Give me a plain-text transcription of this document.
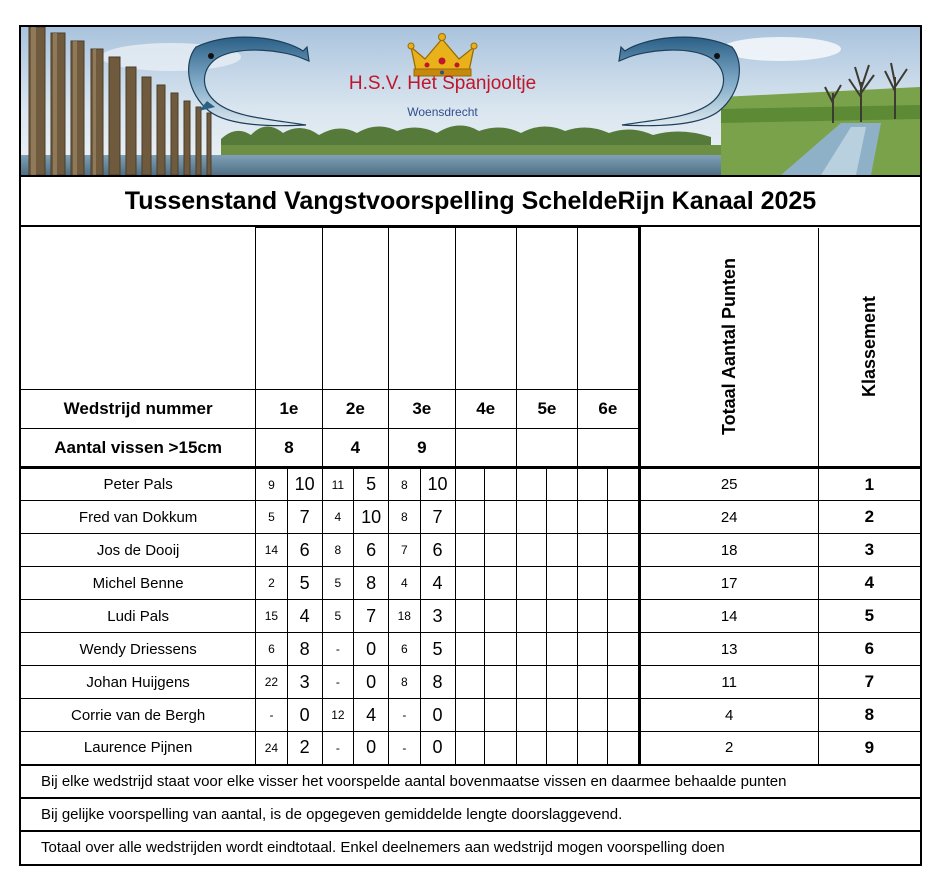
H.S.V. Het Spanjooltje
Woensdrecht
Tussenstand Vangstvoorspelling ScheldeRijn Kanaal 2025
													Totaal Aantal Punten	Klassement
Wedstrijd nummer	1e		2e		3e		4e		5e		6e			
Aantal vissen >15cm	8		4		9									
Peter Pals	9	10	11	5	8	10							25	1
Fred van Dokkum	5	7	4	10	8	7							24	2
Jos de Dooij	14	6	8	6	7	6							18	3
Michel Benne	2	5	5	8	4	4							17	4
Ludi Pals	15	4	5	7	18	3							14	5
Wendy Driessens	6	8	-	0	6	5							13	6
Johan Huijgens	22	3	-	0	8	8							11	7
Corrie van de Bergh	-	0	12	4	-	0							4	8
Laurence Pijnen	24	2	-	0	-	0							2	9
Bij elke wedstrijd staat voor elke visser het voorspelde aantal bovenmaatse vissen en daarmee behaalde punten														
Bij gelijke voorspelling van aantal, is de opgegeven gemiddelde lengte doorslaggevend.														
Totaal over alle wedstrijden wordt eindtotaal. Enkel deelnemers aan wedstrijd mogen voorspelling doen														
